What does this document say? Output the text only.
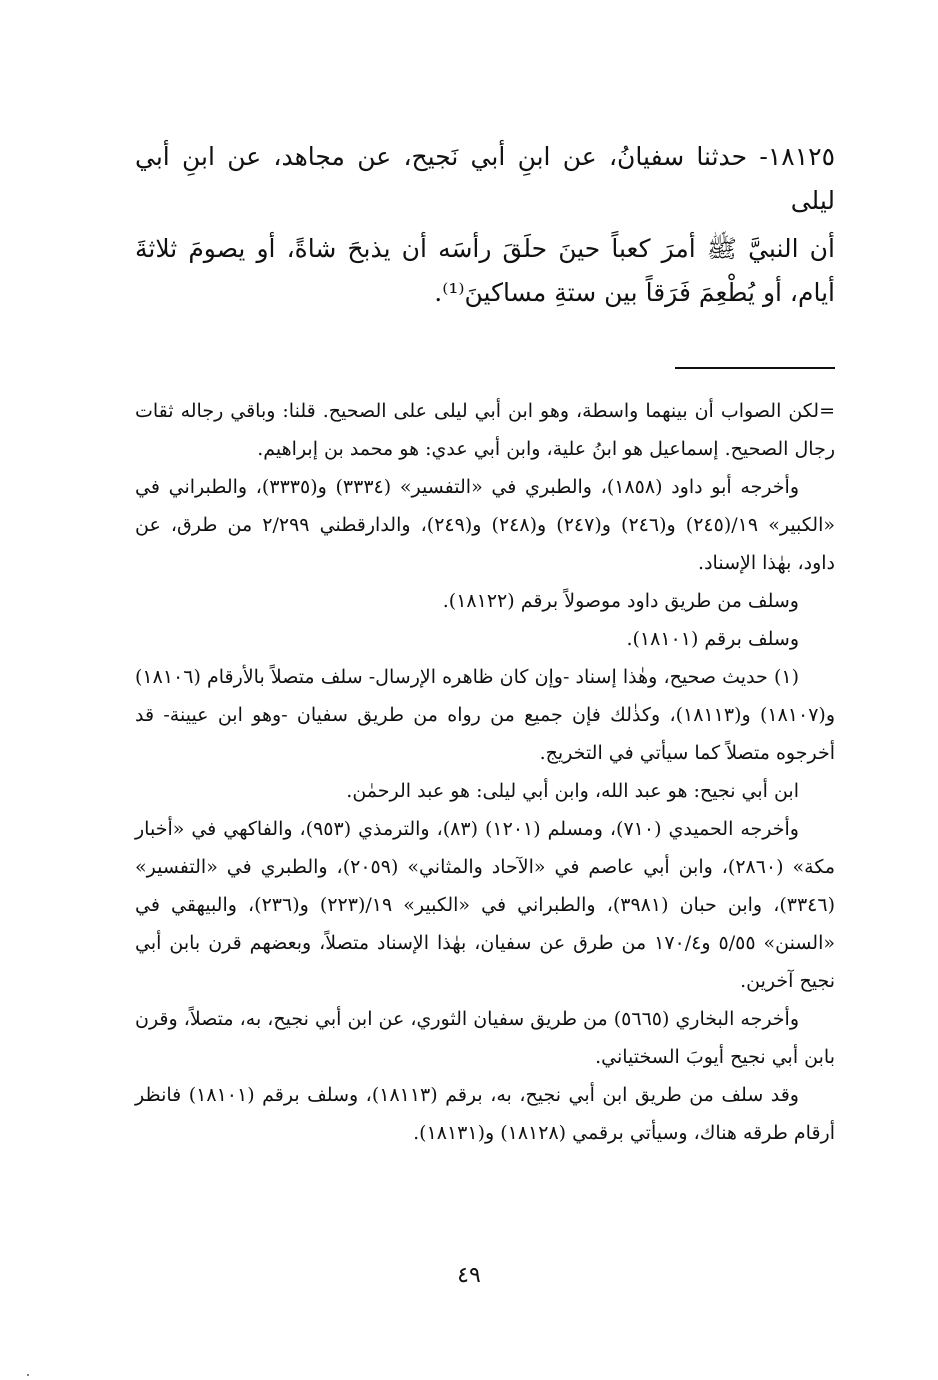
١٨١٢٥- حدثنا سفيانُ، عن ابنِ أبي نَجيح، عن مجاهد، عن ابنِ أبي ليلى

أن النبيَّ ﷺ أمرَ كعباً حينَ حلَقَ رأسَه أن يذبحَ شاةً، أو يصومَ ثلاثةَ أيام، أو يُطْعِمَ فَرَقاً بين ستةِ مساكينَ⁽¹⁾.

=لكن الصواب أن بينهما واسطة، وهو ابن أبي ليلى على الصحيح. قلنا: وباقي رجاله ثقات رجال الصحيح. إسماعيل هو ابنُ علية، وابن أبي عدي: هو محمد بن إبراهيم.

وأخرجه أبو داود (١٨٥٨)، والطبري في «التفسير» (٣٣٣٤) و(٣٣٣٥)، والطبراني في «الكبير» ١٩/(٢٤٥) و(٢٤٦) و(٢٤٧) و(٢٤٨) و(٢٤٩)، والدارقطني ٢/٢٩٩ من طرق، عن داود، بهٰذا الإسناد.

وسلف من طريق داود موصولاً برقم (١٨١٢٢).

وسلف برقم (١٨١٠١).

(١) حديث صحيح، وهٰذا إسناد -وإن كان ظاهره الإرسال- سلف متصلاً بالأرقام (١٨١٠٦) و(١٨١٠٧) و(١٨١١٣)، وكذٰلك فإن جميع من رواه من طريق سفيان -وهو ابن عيينة- قد أخرجوه متصلاً كما سيأتي في التخريج.

ابن أبي نجيح: هو عبد الله، وابن أبي ليلى: هو عبد الرحمٰن.

وأخرجه الحميدي (٧١٠)، ومسلم (١٢٠١) (٨٣)، والترمذي (٩٥٣)، والفاكهي في «أخبار مكة» (٢٨٦٠)، وابن أبي عاصم في «الآحاد والمثاني» (٢٠٥٩)، والطبري في «التفسير» (٣٣٤٦)، وابن حبان (٣٩٨١)، والطبراني في «الكبير» ١٩/(٢٢٣) و(٢٣٦)، والبيهقي في «السنن» ٥/٥٥ و١٧٠/٤ من طرق عن سفيان، بهٰذا الإسناد متصلاً، وبعضهم قرن بابن أبي نجيح آخرين.

وأخرجه البخاري (٥٦٦٥) من طريق سفيان الثوري، عن ابن أبي نجيح، به، متصلاً، وقرن بابن أبي نجيح أيوبَ السختياني.

وقد سلف من طريق ابن أبي نجيح، به، برقم (١٨١١٣)، وسلف برقم (١٨١٠١) فانظر أرقام طرقه هناك، وسيأتي برقمي (١٨١٢٨) و(١٨١٣١).

٤٩
